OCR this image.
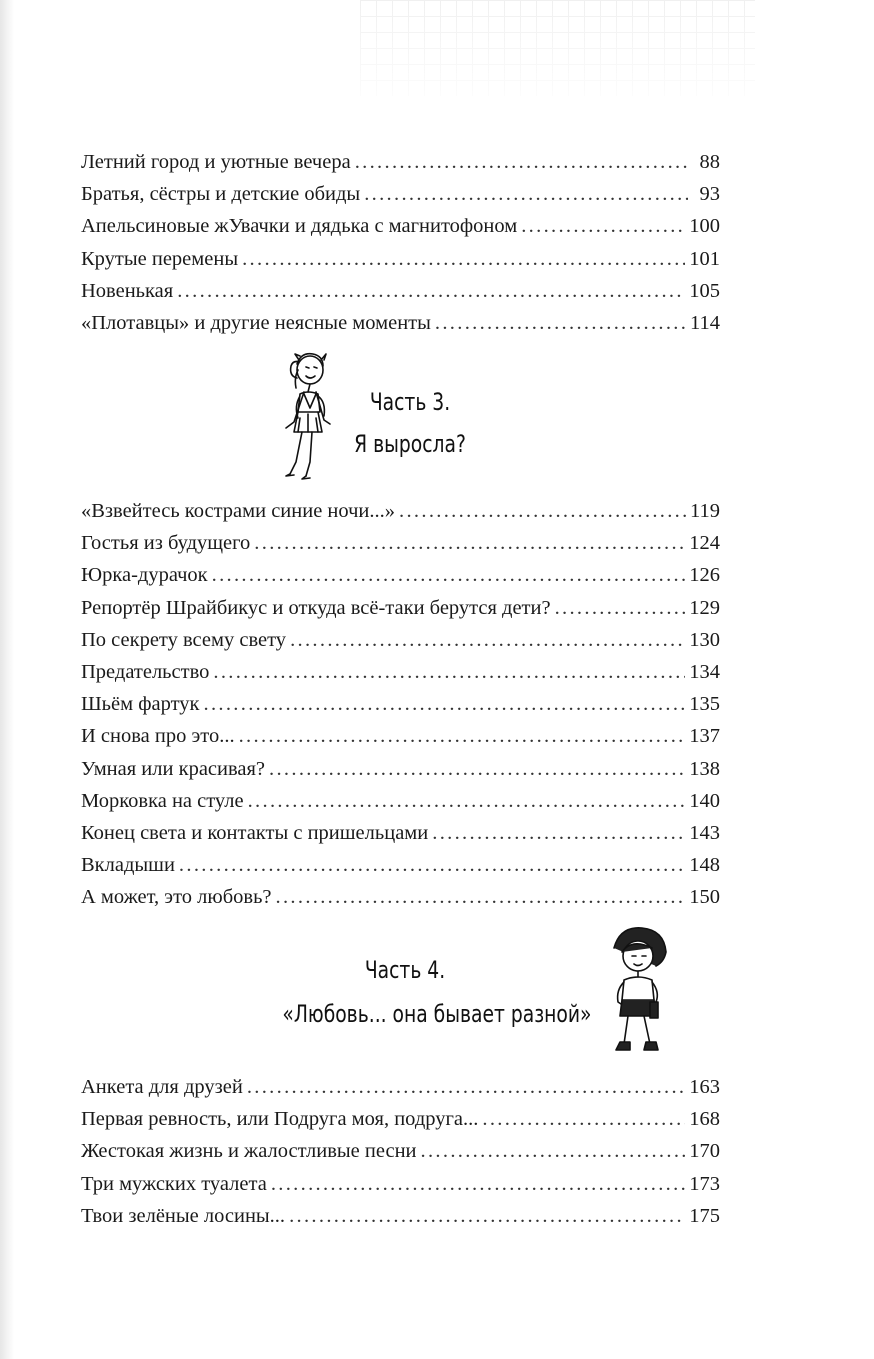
Летний город и уютные вечера . . .	88
Братья, сёстры и детские обиды . . .	93
Апельсиновые жУвачки и дядька с магнитофоном . . .	100
Крутые перемены . . .	101
Новенькая . . .	105
«Плотавцы» и другие неясные моменты . . .	114
Часть 3.
Я выросла?
«Взвейтесь кострами синие ночи...» . . .	119
Гостья из будущего . . .	124
Юрка-дурачок . . .	126
Репортёр Шрайбикус и откуда всё-таки берутся дети? . . .	129
По секрету всему свету . . .	130
Предательство . . .	134
Шьём фартук . . .	135
И снова про это... . . .	137
Умная или красивая? . . .	138
Морковка на стуле . . .	140
Конец света и контакты с пришельцами . . .	143
Вкладыши . . .	148
А может, это любовь? . . .	150
Часть 4.
«Любовь... она бывает разной»
Анкета для друзей . . .	163
Первая ревность, или Подруга моя, подруга... . . .	168
Жестокая жизнь и жалостливые песни . . .	170
Три мужских туалета . . .	173
Твои зелёные лосины... . . .	175
